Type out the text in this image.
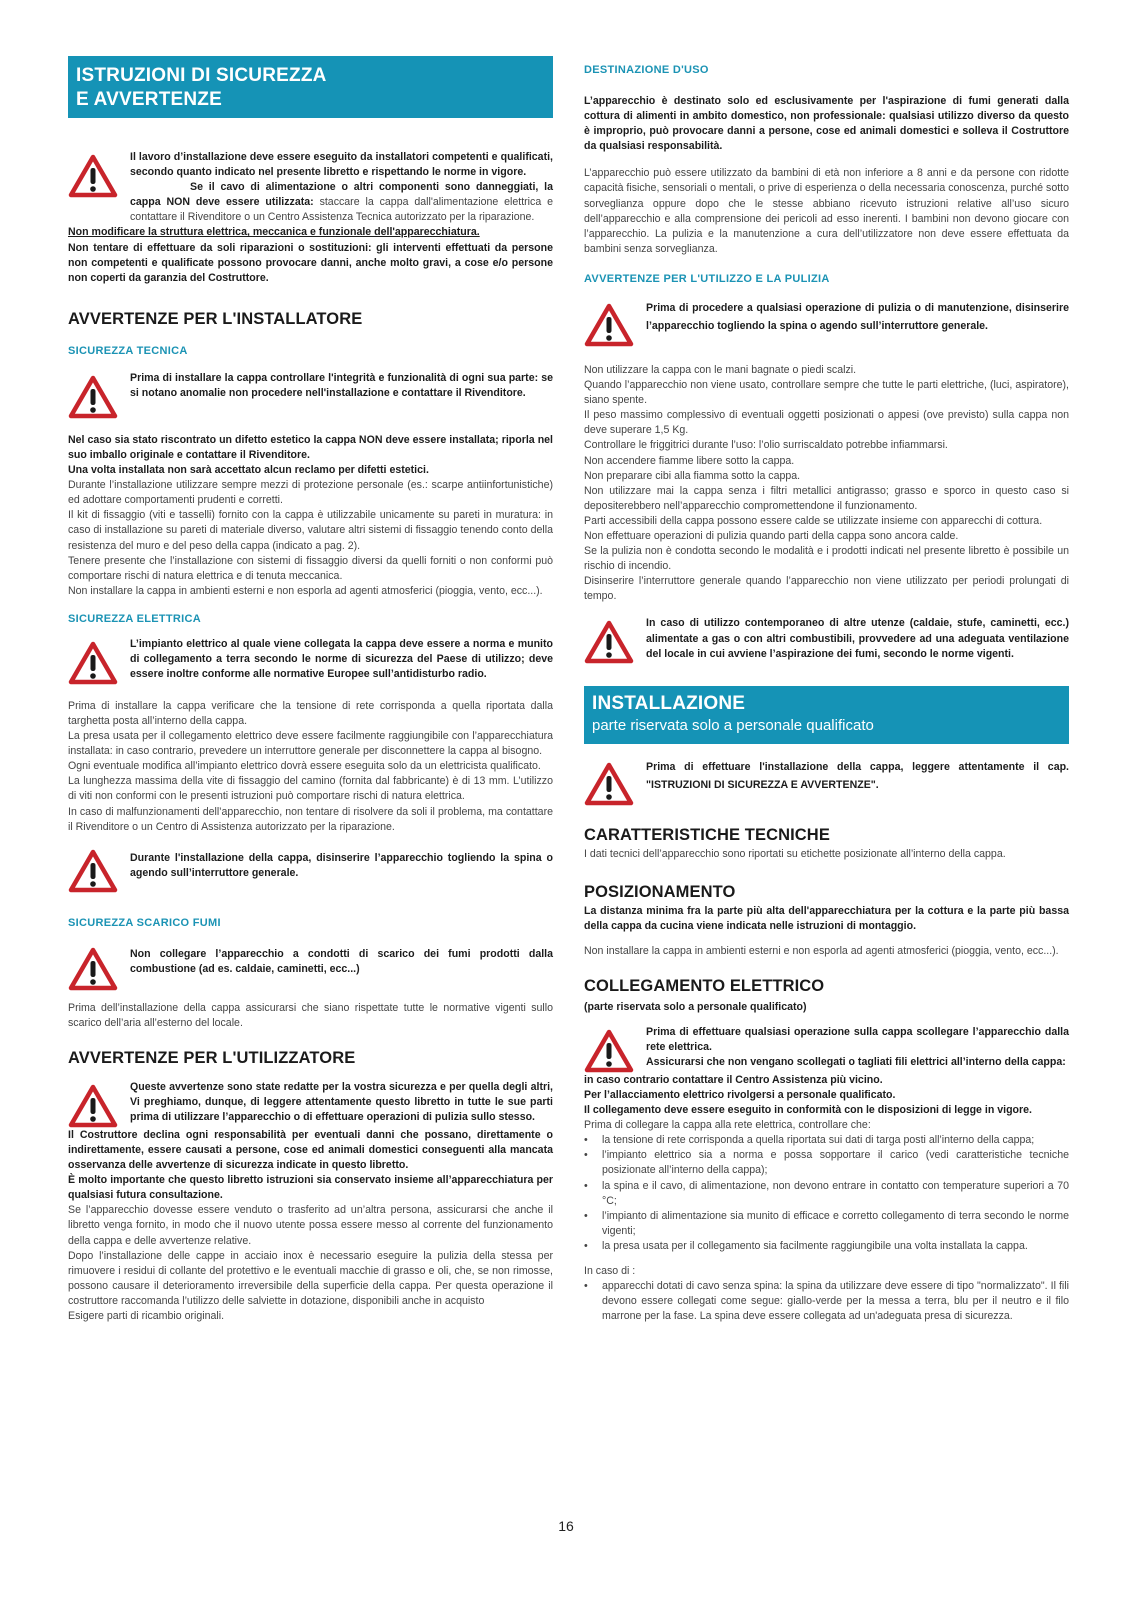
ISTRUZIONI DI SICUREZZA
E AVVERTENZE

Il lavoro d’installazione deve essere eseguito da installatori competenti e qualificati, secondo quanto indicato nel presente libretto e rispettando le norme in vigore.

Se il cavo di alimentazione o altri componenti sono danneggiati, la cappa NON deve essere utilizzata: staccare la cappa dall'alimentazione elettrica e contattare il Rivenditore o un Centro Assistenza Tecnica autorizzato per la riparazione.

Non modificare la struttura elettrica, meccanica e funzionale dell'apparecchiatura.

Non tentare di effettuare da soli riparazioni o sostituzioni: gli interventi effettuati da persone non competenti e qualificate possono provocare danni, anche molto gravi, a cose e/o persone non coperti da garanzia del Costruttore.

AVVERTENZE PER L'INSTALLATORE

SICUREZZA TECNICA

Prima di installare la cappa controllare l'integrità e funzionalità di ogni sua parte: se si notano anomalie non procedere nell'installazione e contattare il Rivenditore.

Nel caso sia stato riscontrato un difetto estetico la cappa NON deve essere installata; riporla nel suo imballo originale e contattare il Rivenditore.

Una volta installata non sarà accettato alcun reclamo per difetti estetici.

Durante l’installazione utilizzare sempre mezzi di protezione personale (es.: scarpe antiinfortunistiche) ed adottare comportamenti prudenti e corretti.

Il kit di fissaggio (viti e tasselli) fornito con la cappa è utilizzabile unicamente su pareti in muratura: in caso di installazione su pareti di materiale diverso, valutare altri sistemi di fissaggio tenendo conto della resistenza del muro e del peso della cappa (indicato a pag. 2).

Tenere presente che l’installazione con sistemi di fissaggio diversi da quelli forniti o non conformi può comportare rischi di natura elettrica e di tenuta meccanica.

Non installare la cappa in ambienti esterni e non esporla ad agenti atmosferici (pioggia, vento, ecc...).

SICUREZZA ELETTRICA

L’impianto elettrico al quale viene collegata la cappa deve essere a norma e munito di collegamento a terra secondo le norme di sicurezza del Paese di utilizzo; deve essere inoltre conforme alle normative Europee sull’antidisturbo radio.

Prima di installare la cappa verificare che la tensione di rete corrisponda a quella riportata dalla targhetta posta all’interno della cappa.

La presa usata per il collegamento elettrico deve essere facilmente raggiungibile con l’apparecchiatura installata: in caso contrario, prevedere un interruttore generale per disconnettere la cappa al bisogno.

Ogni eventuale modifica all’impianto elettrico dovrà essere eseguita solo da un elettricista qualificato.

La lunghezza massima della vite di fissaggio del camino (fornita dal fabbricante) è di 13 mm. L’utilizzo di viti non conformi con le presenti istruzioni può comportare rischi di natura elettrica.

In caso di malfunzionamenti dell’apparecchio, non tentare di risolvere da soli il problema, ma contattare il Rivenditore o un Centro di Assistenza autorizzato per la riparazione.

Durante l'installazione della cappa, disinserire l’apparecchio togliendo la spina o agendo sull’interruttore generale.

SICUREZZA SCARICO FUMI

Non collegare l’apparecchio a condotti di scarico dei fumi prodotti dalla combustione (ad es. caldaie, caminetti, ecc...)

Prima dell’installazione della cappa assicurarsi che siano rispettate tutte le normative vigenti sullo scarico dell’aria all’esterno del locale.

AVVERTENZE PER L'UTILIZZATORE

Queste avvertenze sono state redatte per la vostra sicurezza e per quella degli altri, Vi preghiamo, dunque, di leggere attentamente questo libretto in tutte le sue parti prima di utilizzare l’apparecchio o di effettuare operazioni di pulizia sullo stesso.

Il Costruttore declina ogni responsabilità per eventuali danni che possano, direttamente o indirettamente, essere causati a persone, cose ed animali domestici conseguenti alla mancata osservanza delle avvertenze di sicurezza indicate in questo libretto.

È molto importante che questo libretto istruzioni sia conservato insieme all’apparecchiatura per qualsiasi futura consultazione.

Se l’apparecchio dovesse essere venduto o trasferito ad un’altra persona, assicurarsi che anche il libretto venga fornito, in modo che il nuovo utente possa essere messo al corrente del funzionamento della cappa e delle avvertenze relative.

Dopo l’installazione delle cappe in acciaio inox è necessario eseguire la pulizia della stessa per rimuovere i residui di collante del protettivo e le eventuali macchie di grasso e oli, che, se non rimosse, possono causare il deterioramento irreversibile della superficie della cappa. Per questa operazione il costruttore raccomanda l’utilizzo delle salviette in dotazione, disponibili anche in acquisto

Esigere parti di ricambio originali.

DESTINAZIONE D'USO

L’apparecchio è destinato solo ed esclusivamente per l'aspirazione di fumi generati dalla cottura di alimenti in ambito domestico, non professionale: qualsiasi utilizzo diverso da questo è improprio, può provocare danni a persone, cose ed animali domestici e solleva il Costruttore da qualsiasi responsabilità.

L’apparecchio può essere utilizzato da bambini di età non inferiore a 8 anni e da persone con ridotte capacità fisiche, sensoriali o mentali, o prive di esperienza o della necessaria conoscenza, purché sotto sorveglianza oppure dopo che le stesse abbiano ricevuto istruzioni relative all’uso sicuro dell’apparecchio e alla comprensione dei pericoli ad esso inerenti. I bambini non devono giocare con l’apparecchio. La pulizia e la manutenzione a cura dell’utilizzatore non deve essere effettuata da bambini senza sorveglianza.

AVVERTENZE PER L'UTILIZZO E LA PULIZIA

Prima di procedere a qualsiasi operazione di pulizia o di manutenzione, disinserire l’apparecchio togliendo la spina o agendo sull’interruttore generale.

Non utilizzare la cappa con le mani bagnate o piedi scalzi.

Quando l’apparecchio non viene usato, controllare sempre che tutte le parti elettriche, (luci, aspiratore), siano spente.

Il peso massimo complessivo di eventuali oggetti posizionati o appesi (ove previsto) sulla cappa non deve superare 1,5 Kg.

Controllare le friggitrici durante l’uso: l’olio surriscaldato potrebbe infiammarsi.

Non accendere fiamme libere sotto la cappa.

Non preparare cibi alla fiamma sotto la cappa.

Non utilizzare mai la cappa senza i filtri metallici antigrasso; grasso e sporco in questo caso si depositerebbero nell’apparecchio compromettendone il funzionamento.

Parti accessibili della cappa possono essere calde se utilizzate insieme con apparecchi di cottura.

Non effettuare operazioni di pulizia quando parti della cappa sono ancora calde.

Se la pulizia non è condotta secondo le modalità e i prodotti indicati nel presente libretto è possibile un rischio di incendio.

Disinserire l’interruttore generale quando l’apparecchio non viene utilizzato per periodi prolungati di tempo.

In caso di utilizzo contemporaneo di altre utenze (caldaie, stufe, caminetti, ecc.) alimentate a gas o con altri combustibili, provvedere ad una adeguata ventilazione del locale in cui avviene l’aspirazione dei fumi, secondo le norme vigenti.

INSTALLAZIONE
parte riservata solo a personale qualificato

Prima di effettuare l'installazione della cappa, leggere attentamente il cap. "ISTRUZIONI DI SICUREZZA E AVVERTENZE".

CARATTERISTICHE TECNICHE

I dati tecnici dell’apparecchio sono riportati su etichette posizionate all’interno della cappa.

POSIZIONAMENTO

La distanza minima fra la parte più alta dell'apparecchiatura per la cottura e la parte più bassa della cappa da cucina viene indicata nelle istruzioni di montaggio.

Non installare la cappa in ambienti esterni e non esporla ad agenti atmosferici (pioggia, vento, ecc...).

COLLEGAMENTO ELETTRICO

(parte riservata solo a personale qualificato)

Prima di effettuare qualsiasi operazione sulla cappa scollegare l’apparecchio dalla rete elettrica.

Assicurarsi che non vengano scollegati o tagliati fili elettrici all’interno della cappa:

in caso contrario contattare il Centro Assistenza più vicino.

Per l’allacciamento elettrico rivolgersi a personale qualificato.

Il collegamento deve essere eseguito in conformità con le disposizioni di legge in vigore.

Prima di collegare la cappa alla rete elettrica, controllare che:

• la tensione di rete corrisponda a quella riportata sui dati di targa posti all’interno della cappa;
• l’impianto elettrico sia a norma e possa sopportare il carico (vedi caratteristiche tecniche posizionate all’interno della cappa);
• la spina e il cavo, di alimentazione, non devono entrare in contatto con temperature superiori a 70 °C;
• l’impianto di alimentazione sia munito di efficace e corretto collegamento di terra secondo le norme vigenti;
• la presa usata per il collegamento sia facilmente raggiungibile una volta installata la cappa.

In caso di :

• apparecchi dotati di cavo senza spina: la spina da utilizzare deve essere di tipo "normalizzato". Il fili devono essere collegati come segue: giallo-verde per la messa a terra, blu per il neutro e il filo marrone per la fase. La spina deve essere collegata ad un'adeguata presa di sicurezza.
16
